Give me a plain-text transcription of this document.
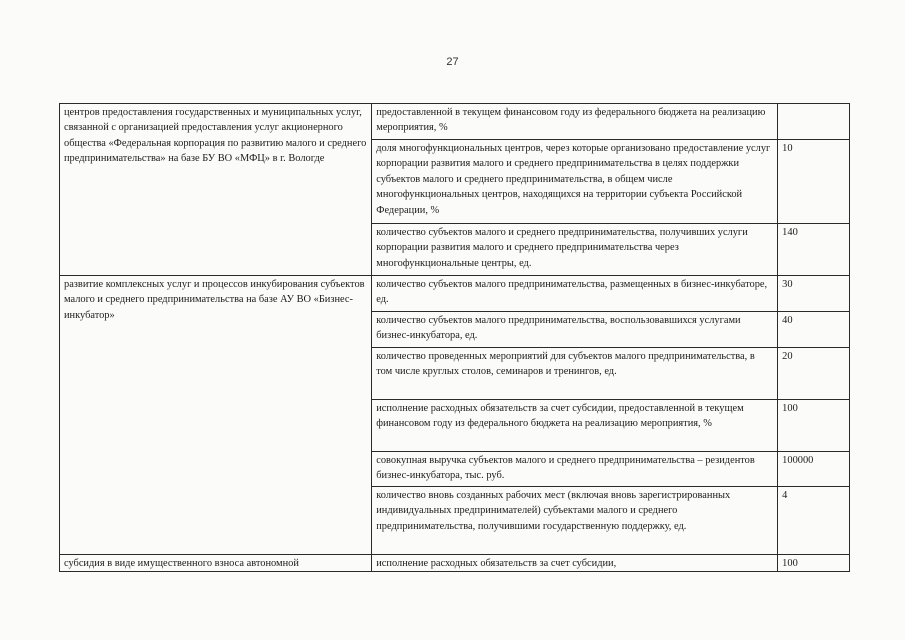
27
центров предоставления государственных и муниципальных услуг, связанной с организацией предоставления услуг акционерного общества «Федеральная корпорация по развитию малого и среднего предпринимательства» на базе БУ ВО «МФЦ» в г. Вологде	предоставленной в текущем финансовом году из федерального бюджета на реализацию мероприятия, %	
	доля многофункциональных центров, через которые организовано предоставление услуг корпорации развития малого и среднего предпринимательства в целях поддержки субъектов малого и среднего предпринимательства, в общем числе многофункциональных центров, находящихся на территории субъекта Российской Федерации, %	10
	количество субъектов малого и среднего предпринимательства, получивших услуги корпорации развития малого и среднего предпринимательства через многофункциональные центры, ед.	140
развитие комплексных услуг и процессов инкубирования субъектов малого и среднего предпринимательства на базе АУ ВО «Бизнес-инкубатор»	количество субъектов малого предпринимательства, размещенных в бизнес-инкубаторе, ед.	30
	количество субъектов малого предпринимательства, воспользовавшихся услугами бизнес-инкубатора, ед.	40
	количество проведенных мероприятий для субъектов малого предпринимательства, в том числе круглых столов, семинаров и тренингов, ед.	20
	исполнение расходных обязательств за счет субсидии, предоставленной в текущем финансовом году из федерального бюджета на реализацию мероприятия, %	100
	совокупная выручка субъектов малого и среднего предпринимательства – резидентов бизнес-инкубатора, тыс. руб.	100000
	количество вновь созданных рабочих мест (включая вновь зарегистрированных индивидуальных предпринимателей) субъектами малого и среднего предпринимательства, получившими государственную поддержку, ед.	4
субсидия в виде имущественного взноса автономной	исполнение расходных обязательств за счет субсидии,	100
